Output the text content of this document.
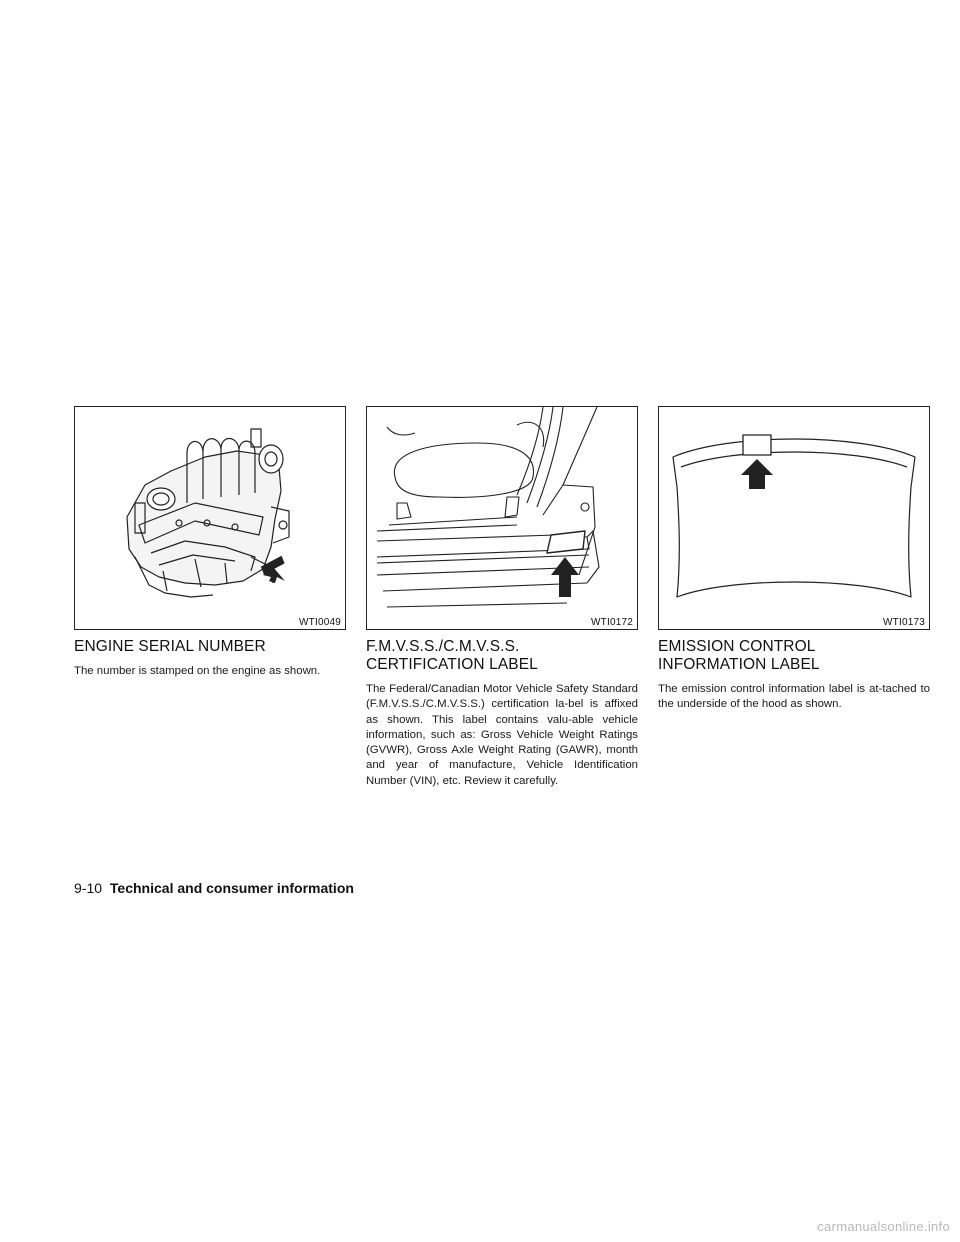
WTI0049
ENGINE SERIAL NUMBER

The number is stamped on the engine as shown.

WTI0172
F.M.V.S.S./C.M.V.S.S.
CERTIFICATION LABEL

The Federal/Canadian Motor Vehicle Safety Standard (F.M.V.S.S./C.M.V.S.S.) certification la-bel is affixed as shown. This label contains valu-able vehicle information, such as: Gross Vehicle Weight Ratings (GVWR), Gross Axle Weight Rating (GAWR), month and year of manufacture, Vehicle Identification Number (VIN), etc. Review it carefully.

WTI0173
EMISSION CONTROL
INFORMATION LABEL

The emission control information label is at-tached to the underside of the hood as shown.

9-10 Technical and consumer information
carmanualsonline.info
